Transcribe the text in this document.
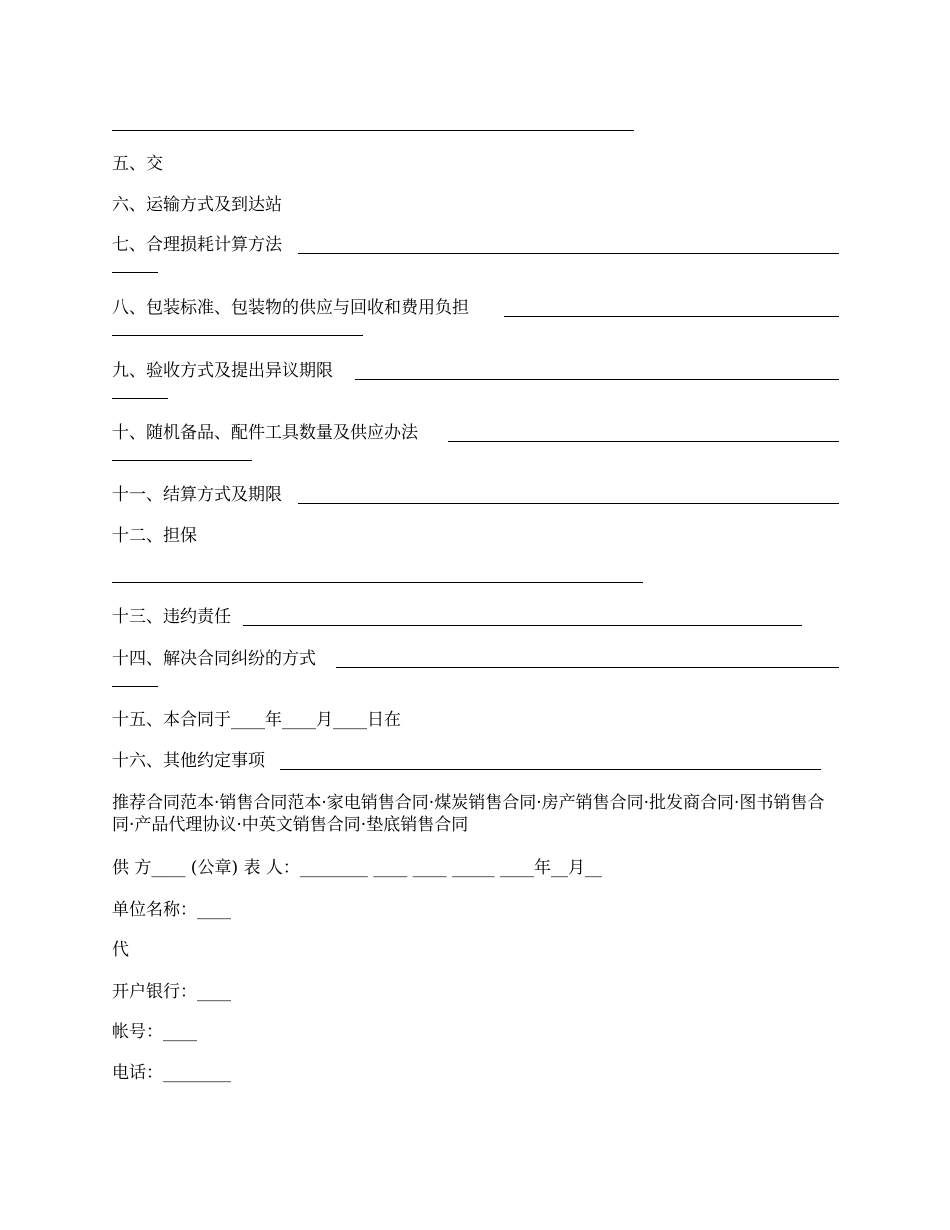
五、交
六、运输方式及到达站
七、合理损耗计算方法
八、包装标准、包装物的供应与回收和费用负担
九、验收方式及提出异议期限
十、随机备品、配件工具数量及供应办法
十一、结算方式及期限
十二、担保
十三、违约责任
十四、解决合同纠纷的方式
十五、本合同于____年____月____日在
十六、其他约定事项
推荐合同范本·销售合同范本·家电销售合同·煤炭销售合同·房产销售合同·批发商合同·图书销售合同·产品代理协议·中英文销售合同·垫底销售合同
供 方____ (公章) 表 人：________ ____ ____ _____ ____年__月__
单位名称：____
代
开户银行：____
帐号：____
电话：________
